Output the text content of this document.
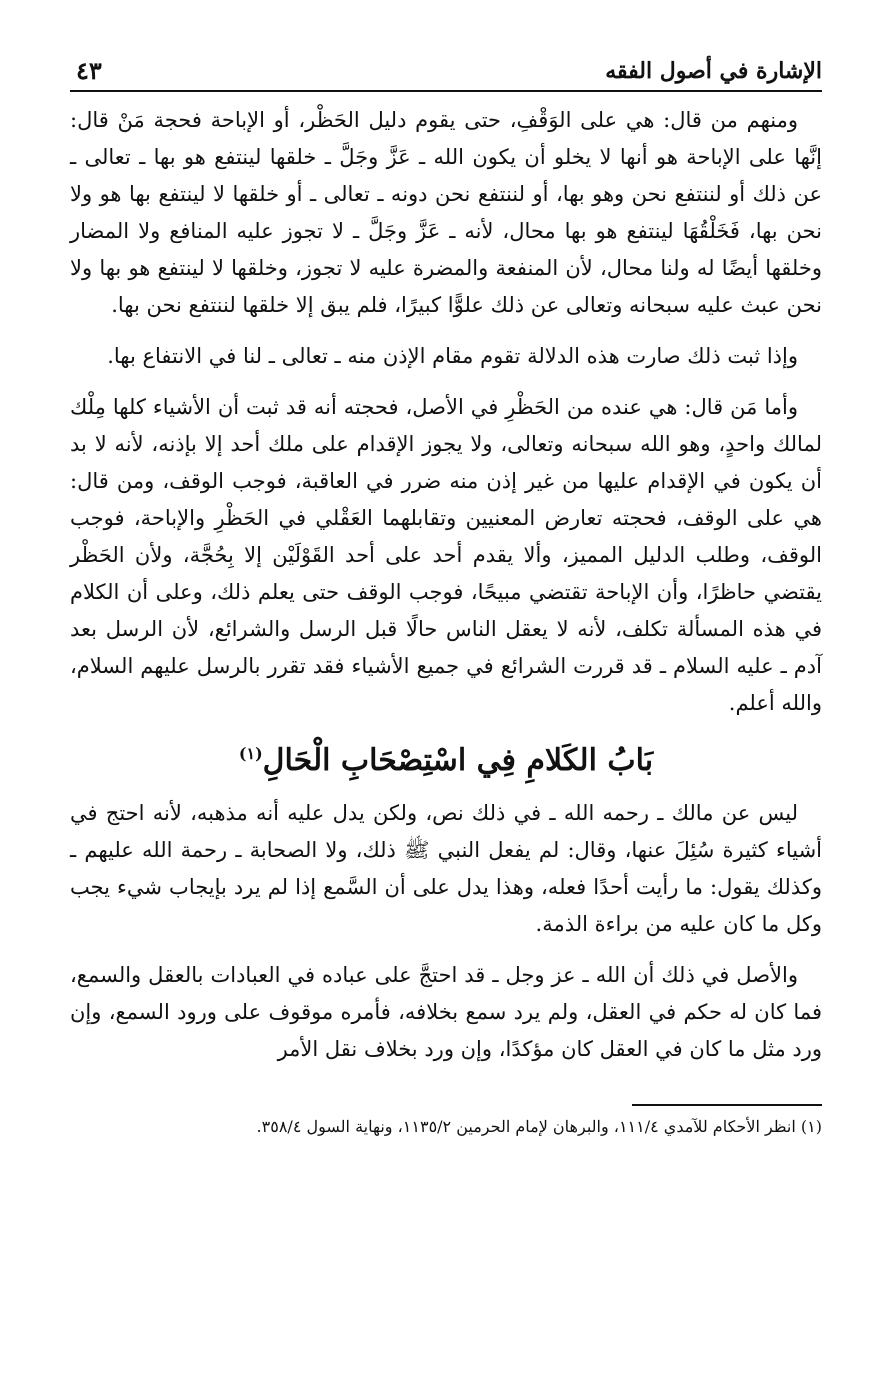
الإشارة في أصول الفقه
٤٣

ومنهم من قال: هي على الوَقْفِ، حتى يقوم دليل الحَظْر، أو الإباحة فحجة مَنْ قال: إنَّها على الإباحة هو أنها لا يخلو أن يكون الله ـ عَزَّ وجَلَّ ـ خلقها لينتفع هو بها ـ تعالى ـ عن ذلك أو لننتفع نحن وهو بها، أو لننتفع نحن دونه ـ تعالى ـ أو خلقها لا لينتفع بها هو ولا نحن بها، فَخَلْقُهَا لينتفع هو بها محال، لأنه ـ عَزَّ وجَلَّ ـ لا تجوز عليه المنافع ولا المضار وخلقها أيضًا له ولنا محال، لأن المنفعة والمضرة عليه لا تجوز، وخلقها لا لينتفع هو بها ولا نحن عبث عليه سبحانه وتعالى عن ذلك علوًّا كبيرًا، فلم يبق إلا خلقها لننتفع نحن بها.

وإذا ثبت ذلك صارت هذه الدلالة تقوم مقام الإذن منه ـ تعالى ـ لنا في الانتفاع بها.

وأما مَن قال: هي عنده من الحَظْرِ في الأصل، فحجته أنه قد ثبت أن الأشياء كلها مِلْك لمالك واحدٍ، وهو الله سبحانه وتعالى، ولا يجوز الإقدام على ملك أحد إلا بإذنه، لأنه لا بد أن يكون في الإقدام عليها من غير إذن منه ضرر في العاقبة، فوجب الوقف، ومن قال: هي على الوقف، فحجته تعارض المعنيين وتقابلهما العَقْلي في الحَظْرِ والإباحة، فوجب الوقف، وطلب الدليل المميز، وألا يقدم أحد على أحد القَوْلَيْن إلا بِحُجَّة، ولأن الحَظْر يقتضي حاظرًا، وأن الإباحة تقتضي مبيحًا، فوجب الوقف حتى يعلم ذلك، وعلى أن الكلام في هذه المسألة تكلف، لأنه لا يعقل الناس حالًا قبل الرسل والشرائع، لأن الرسل بعد آدم ـ عليه السلام ـ قد قررت الشرائع في جميع الأشياء فقد تقرر بالرسل عليهم السلام، والله أعلم.

بَابُ الكَلامِ فِي اسْتِصْحَابِ الْحَالِ$^{(١)}$

ليس عن مالك ـ رحمه الله ـ في ذلك نص، ولكن يدل عليه أنه مذهبه، لأنه احتج في أشياء كثيرة سُئِلَ عنها، وقال: لم يفعل النبي ﷺ ذلك، ولا الصحابة ـ رحمة الله عليهم ـ وكذلك يقول: ما رأيت أحدًا فعله، وهذا يدل على أن السَّمع إذا لم يرد بإيجاب شيء يجب وكل ما كان عليه من براءة الذمة.

والأصل في ذلك أن الله ـ عز وجل ـ قد احتجَّ على عباده في العبادات بالعقل والسمع، فما كان له حكم في العقل، ولم يرد سمع بخلافه، فأمره موقوف على ورود السمع، وإن ورد مثل ما كان في العقل كان مؤكدًا، وإن ورد بخلاف نقل الأمر

(١) انظر الأحكام للآمدي ١١١/٤، والبرهان لإمام الحرمين ١١٣٥/٢، ونهاية السول ٣٥٨/٤.
